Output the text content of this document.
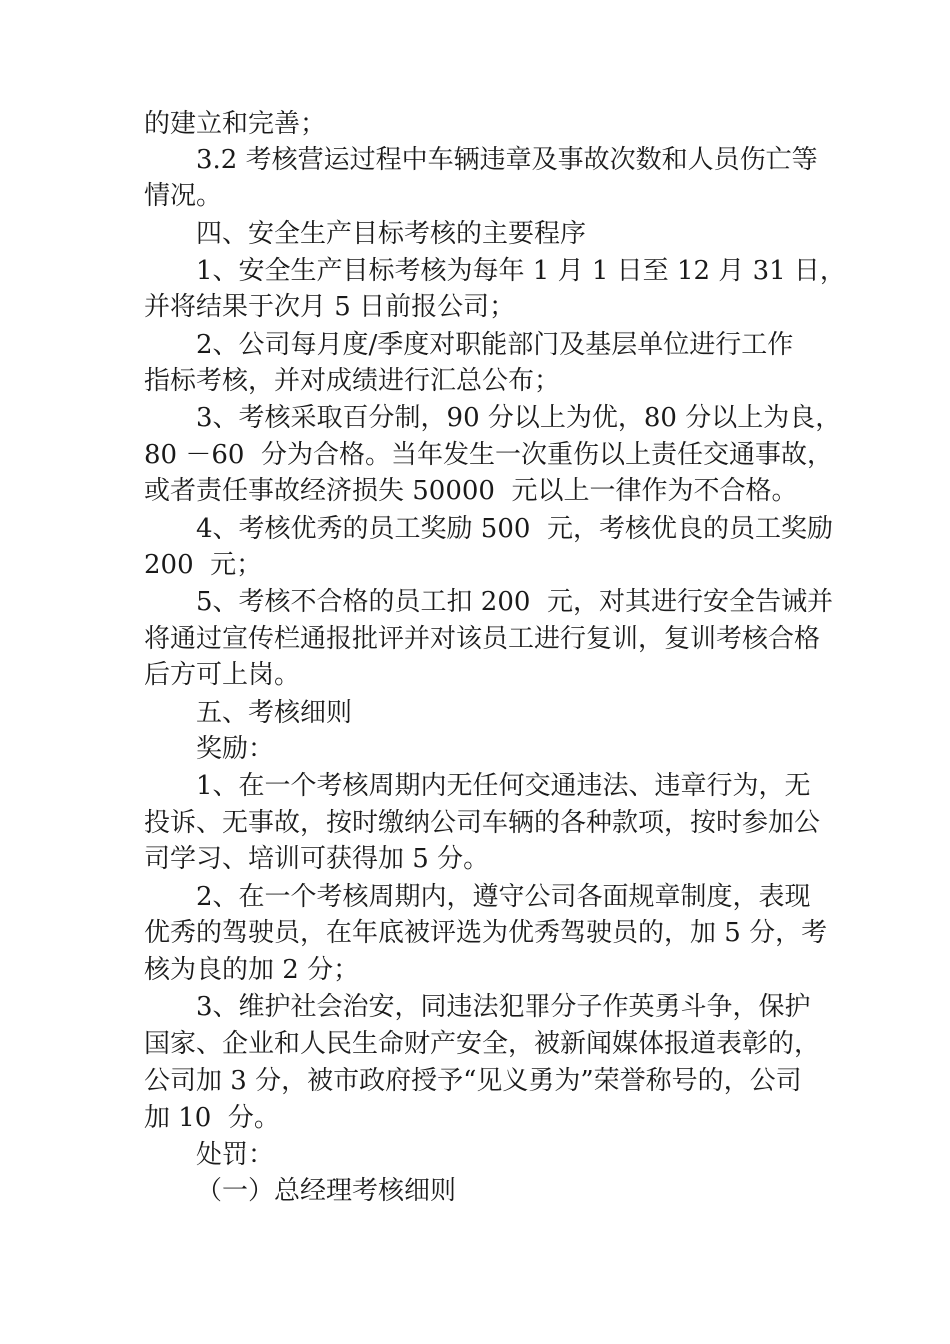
的建立和完善；
3.2 考核营运过程中车辆违章及事故次数和人员伤亡等
情况。
四、安全生产目标考核的主要程序
1、安全生产目标考核为每年 1 月 1 日至 12 月 31 日，
并将结果于次月 5 日前报公司；
2、公司每月度/季度对职能部门及基层单位进行工作
指标考核，并对成绩进行汇总公布；
3、考核采取百分制，90 分以上为优，80 分以上为良，
80 －60  分为合格。当年发生一次重伤以上责任交通事故，
或者责任事故经济损失 50000  元以上一律作为不合格。
4、考核优秀的员工奖励 500  元，考核优良的员工奖励
200  元；
5、考核不合格的员工扣 200  元，对其进行安全告诫并
将通过宣传栏通报批评并对该员工进行复训，复训考核合格
后方可上岗。
五、考核细则
奖励：
1、在一个考核周期内无任何交通违法、违章行为，无
投诉、无事故，按时缴纳公司车辆的各种款项，按时参加公
司学习、培训可获得加 5 分。
2、在一个考核周期内，遵守公司各面规章制度，表现
优秀的驾驶员，在年底被评选为优秀驾驶员的，加 5 分，考
核为良的加 2 分；
3、维护社会治安，同违法犯罪分子作英勇斗争，保护
国家、企业和人民生命财产安全，被新闻媒体报道表彰的，
公司加 3 分，被市政府授予“见义勇为”荣誉称号的，公司
加 10  分。
处罚：
（一）总经理考核细则
